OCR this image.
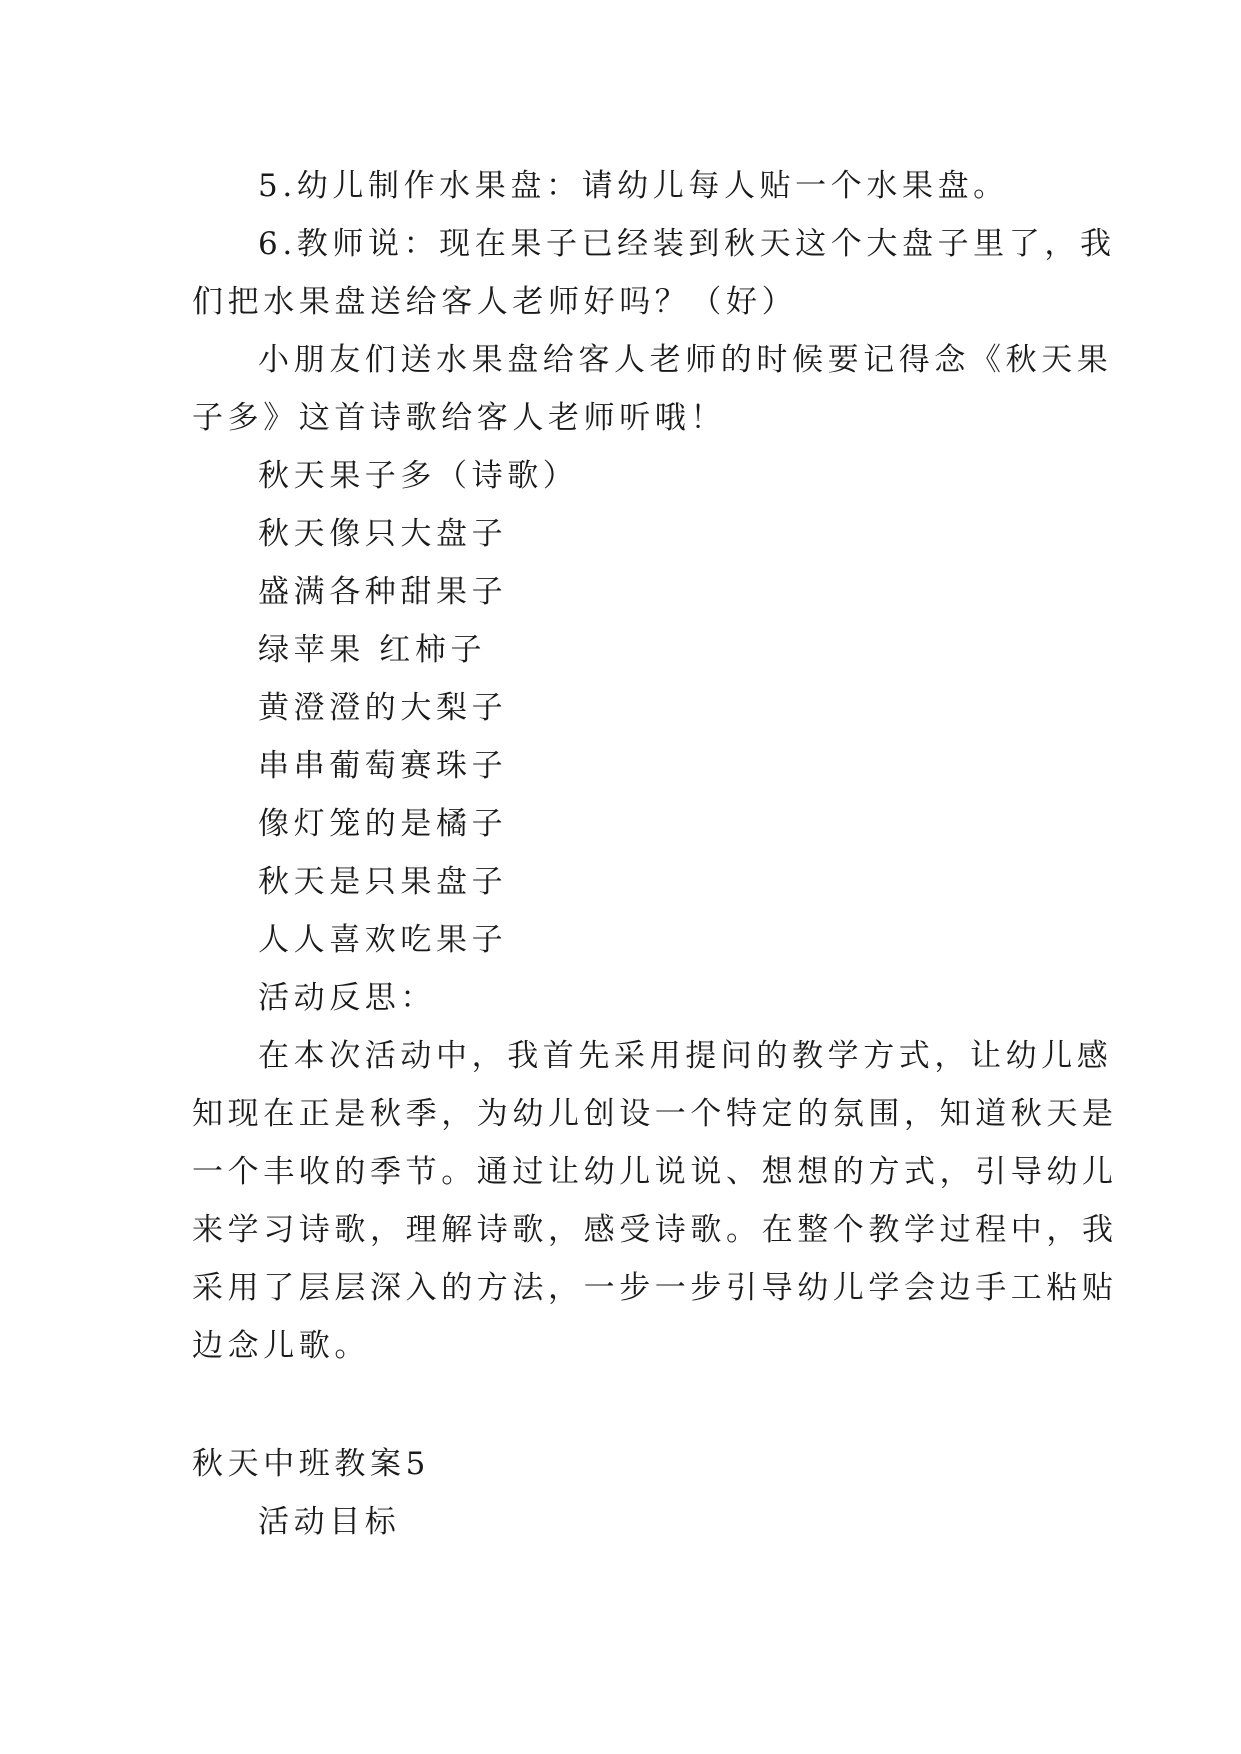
5.幼儿制作水果盘：请幼儿每人贴一个水果盘。

6.教师说：现在果子已经装到秋天这个大盘子里了，我

们把水果盘送给客人老师好吗？（好）

小朋友们送水果盘给客人老师的时候要记得念《秋天果

子多》这首诗歌给客人老师听哦！

秋天果子多（诗歌）

秋天像只大盘子

盛满各种甜果子

绿苹果 红柿子

黄澄澄的大梨子

串串葡萄赛珠子

像灯笼的是橘子

秋天是只果盘子

人人喜欢吃果子

活动反思：

在本次活动中，我首先采用提问的教学方式，让幼儿感

知现在正是秋季，为幼儿创设一个特定的氛围，知道秋天是

一个丰收的季节。通过让幼儿说说、想想的方式，引导幼儿

来学习诗歌，理解诗歌，感受诗歌。在整个教学过程中，我

采用了层层深入的方法，一步一步引导幼儿学会边手工粘贴

边念儿歌。

秋天中班教案5

活动目标
